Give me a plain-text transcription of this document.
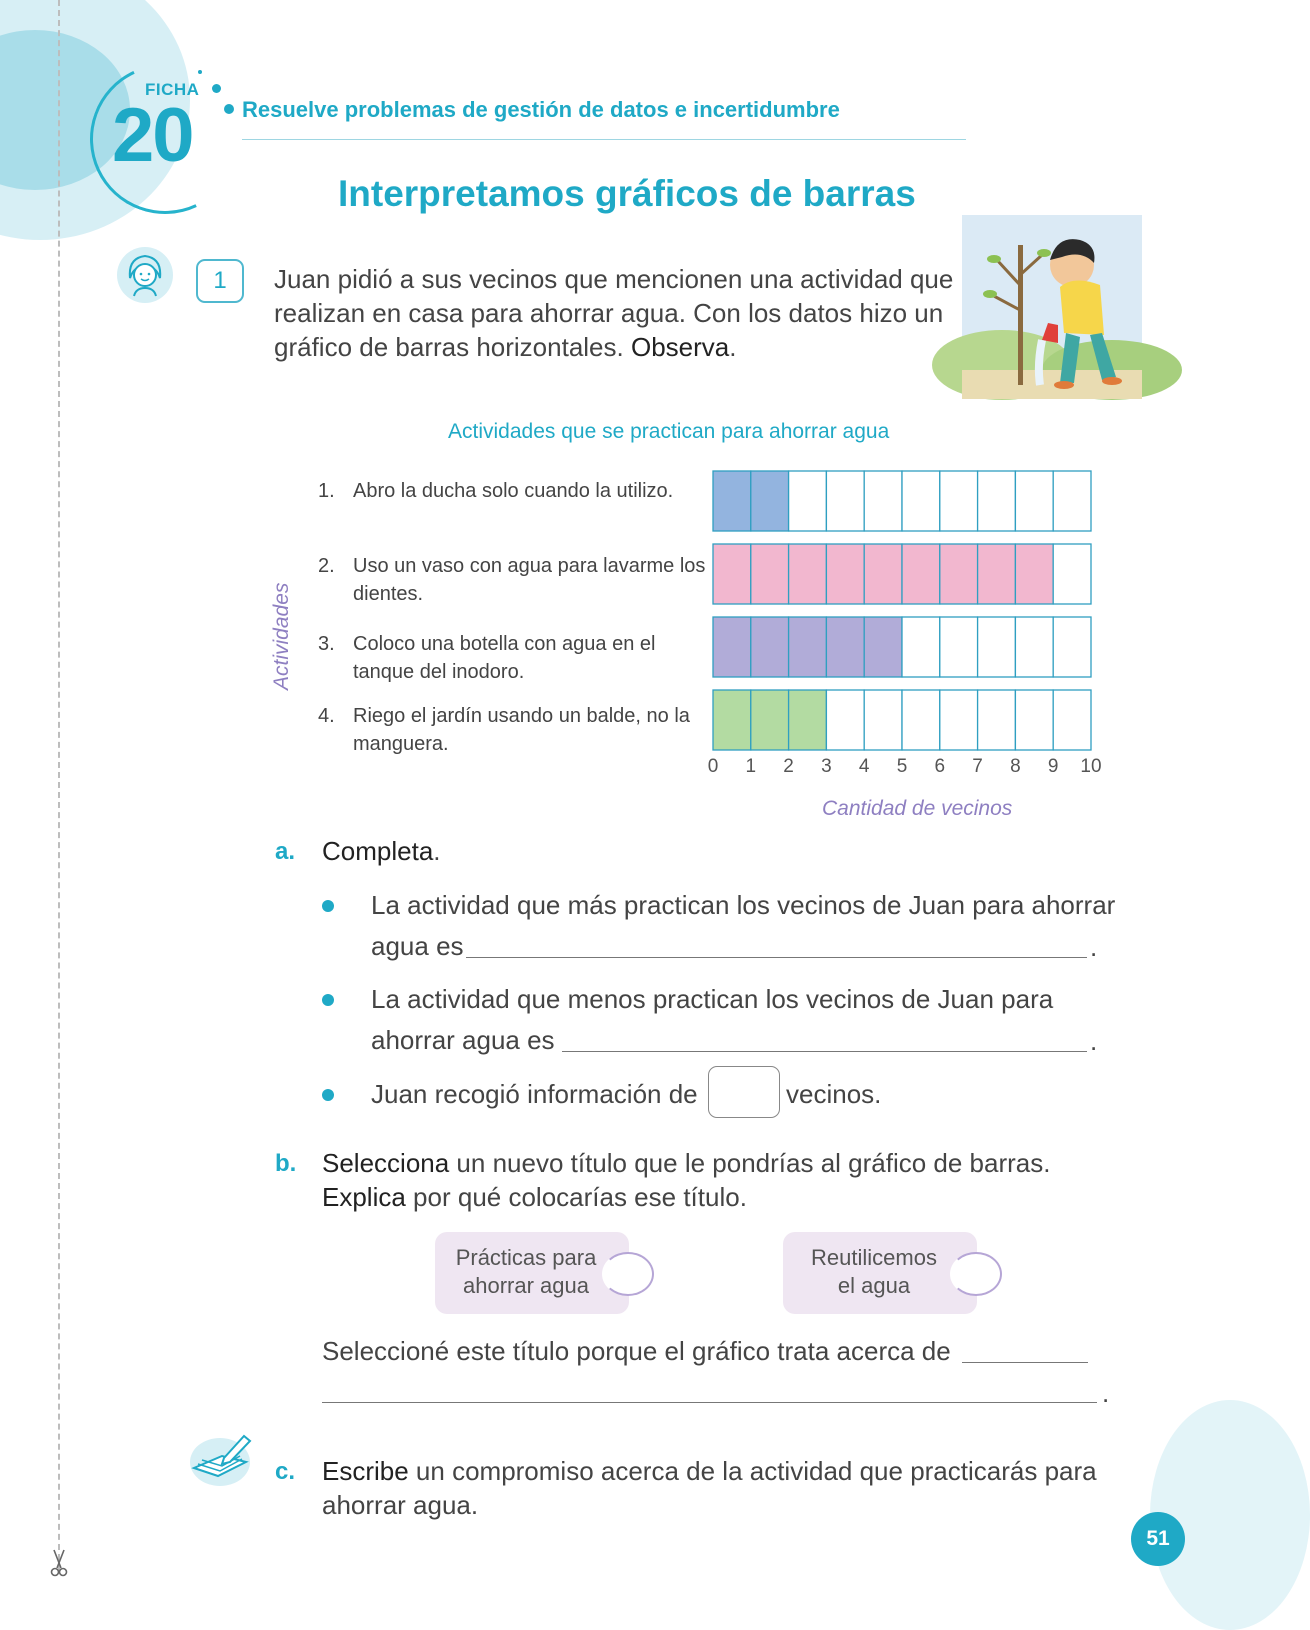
FICHA
20 Resuelve problemas de gestión de datos e incertidumbre
Interpretamos gráficos de barras
1	Juan pidió a sus vecinos que mencionen una actividad que realizan en casa para ahorrar agua. Con los datos hizo un gráfico de barras horizontales. Observa.
Actividades que se practican para ahorrar agua
Actividades
1. Abro la ducha solo cuando la utilizo.
2. Uso un vaso con agua para lavarme los dientes.
3. Coloco una botella con agua en el tanque del inodoro.
4. Riego el jardín usando un balde, no la manguera.
0 1 2 3 4 5 6 7 8 9 10
Cantidad de vecinos
a. Completa.
La actividad que más practican los vecinos de Juan para ahorrar
agua es	.
La actividad que menos practican los vecinos de Juan para
ahorrar agua es	.
Juan recogió información de	vecinos.
b. Selecciona un nuevo título que le pondrías al gráfico de barras.
Explica por qué colocarías ese título.
Prácticas para
ahorrar agua
Reutilicemos
el agua
Seleccioné este título porque el gráfico trata acerca de
.
c. Escribe un compromiso acerca de la actividad que practicarás para
ahorrar agua.
51
